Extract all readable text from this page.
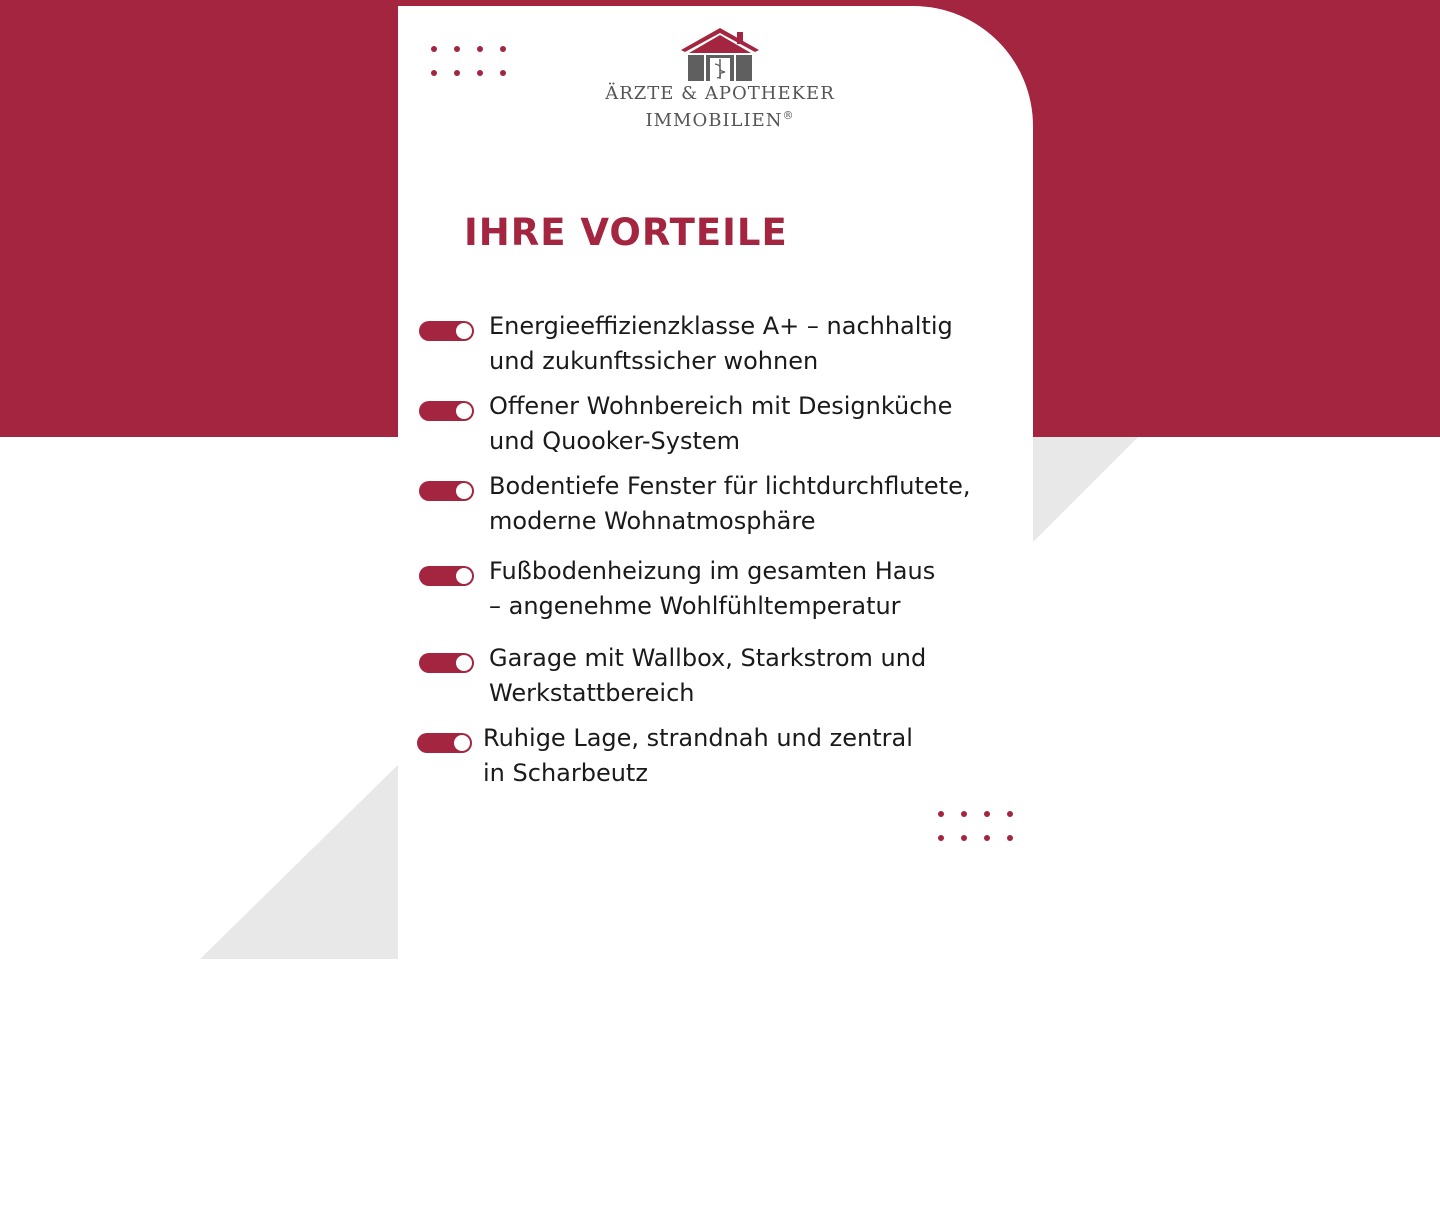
ÄRZTE & APOTHEKER
IMMOBILIEN®
IHRE VORTEILE
Energieeffizienzklasse A+ – nachhaltig
und zukunftssicher wohnen
Offener Wohnbereich mit Designküche
und Quooker-System
Bodentiefe Fenster für lichtdurchflutete,
moderne Wohnatmosphäre
Fußbodenheizung im gesamten Haus
– angenehme Wohlfühltemperatur
Garage mit Wallbox, Starkstrom und
Werkstattbereich
Ruhige Lage, strandnah und zentral
in Scharbeutz
